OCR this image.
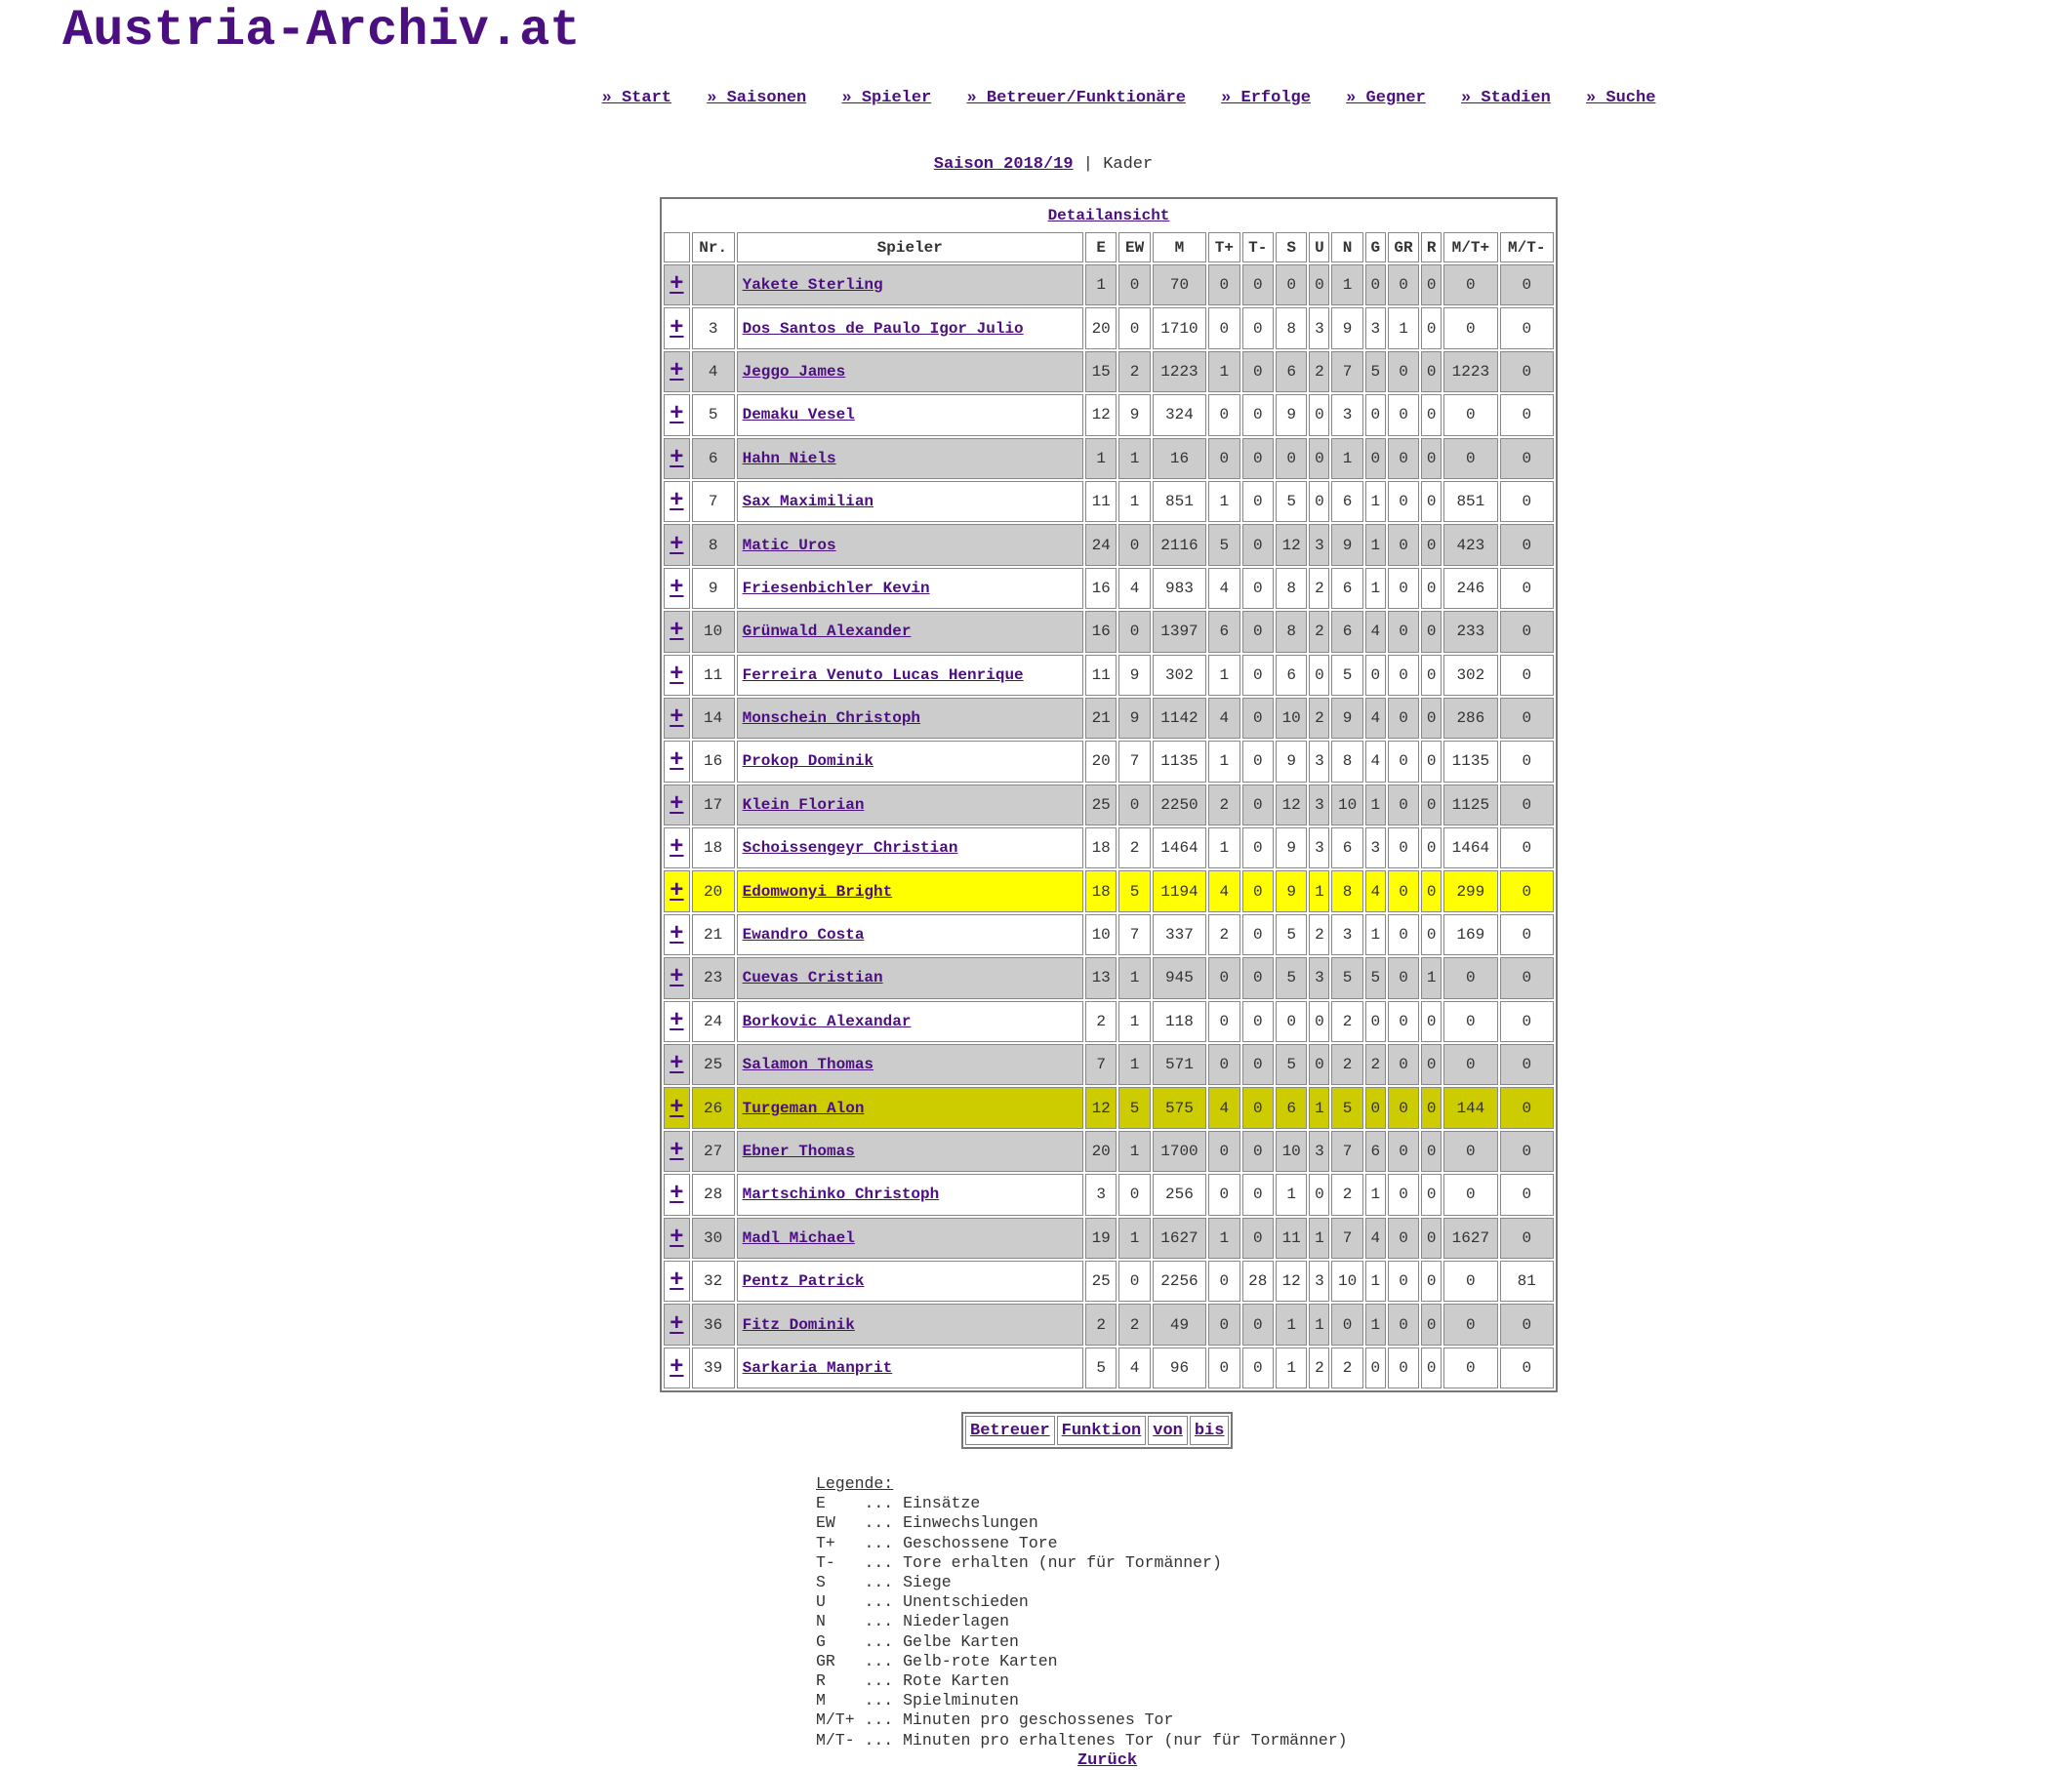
Austria-Archiv.at
» Start » Saisonen » Spieler » Betreuer/Funktionäre » Erfolge » Gegner » Stadien » Suche
Saison 2018/19 | Kader
Detailansicht															
	Nr.	Spieler	E	EW	M	T+	T-	S	U	N	G	GR	R	M/T+	M/T-
+		Yakete Sterling	1	0	70	0	0	0	0	1	0	0	0	0	0
+	3	Dos Santos de Paulo Igor Julio	20	0	1710	0	0	8	3	9	3	1	0	0	0
+	4	Jeggo James	15	2	1223	1	0	6	2	7	5	0	0	1223	0
+	5	Demaku Vesel	12	9	324	0	0	9	0	3	0	0	0	0	0
+	6	Hahn Niels	1	1	16	0	0	0	0	1	0	0	0	0	0
+	7	Sax Maximilian	11	1	851	1	0	5	0	6	1	0	0	851	0
+	8	Matic Uros	24	0	2116	5	0	12	3	9	1	0	0	423	0
+	9	Friesenbichler Kevin	16	4	983	4	0	8	2	6	1	0	0	246	0
+	10	Grünwald Alexander	16	0	1397	6	0	8	2	6	4	0	0	233	0
+	11	Ferreira Venuto Lucas Henrique	11	9	302	1	0	6	0	5	0	0	0	302	0
+	14	Monschein Christoph	21	9	1142	4	0	10	2	9	4	0	0	286	0
+	16	Prokop Dominik	20	7	1135	1	0	9	3	8	4	0	0	1135	0
+	17	Klein Florian	25	0	2250	2	0	12	3	10	1	0	0	1125	0
+	18	Schoissengeyr Christian	18	2	1464	1	0	9	3	6	3	0	0	1464	0
+	20	Edomwonyi Bright	18	5	1194	4	0	9	1	8	4	0	0	299	0
+	21	Ewandro Costa	10	7	337	2	0	5	2	3	1	0	0	169	0
+	23	Cuevas Cristian	13	1	945	0	0	5	3	5	5	0	1	0	0
+	24	Borkovic Alexandar	2	1	118	0	0	0	0	2	0	0	0	0	0
+	25	Salamon Thomas	7	1	571	0	0	5	0	2	2	0	0	0	0
+	26	Turgeman Alon	12	5	575	4	0	6	1	5	0	0	0	144	0
+	27	Ebner Thomas	20	1	1700	0	0	10	3	7	6	0	0	0	0
+	28	Martschinko Christoph	3	0	256	0	0	1	0	2	1	0	0	0	0
+	30	Madl Michael	19	1	1627	1	0	11	1	7	4	0	0	1627	0
+	32	Pentz Patrick	25	0	2256	0	28	12	3	10	1	0	0	0	81
+	36	Fitz Dominik	2	2	49	0	0	1	1	0	1	0	0	0	0
+	39	Sarkaria Manprit	5	4	96	0	0	1	2	2	0	0	0	0	0
Betreuer	Funktion	von	bis
Legende:
E ... Einsätze
EW ... Einwechslungen
T+ ... Geschossene Tore
T- ... Tore erhalten (nur für Tormänner)
S ... Siege
U ... Unentschieden
N ... Niederlagen
G ... Gelbe Karten
GR ... Gelb-rote Karten
R ... Rote Karten
M ... Spielminuten
M/T+ ... Minuten pro geschossenes Tor
M/T- ... Minuten pro erhaltenes Tor (nur für Tormänner)
Zurück
